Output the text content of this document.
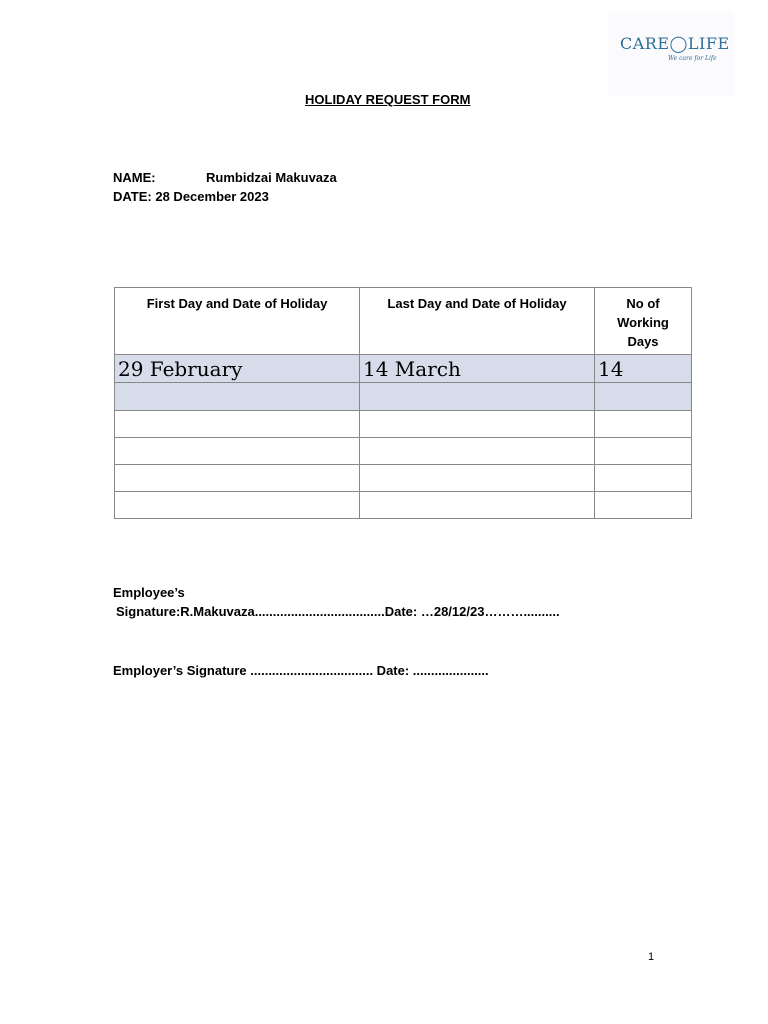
CARE◯LIFE
We care for Life
HOLIDAY REQUEST FORM
NAME:	Rumbidzai Makuvaza
DATE: 28 December 2023
First Day and Date of Holiday	Last Day and Date of Holiday	No of
Working
Days
29 February	14 March	14

Employee’s
Signature:R.Makuvaza....................................Date: …28/12/23………..........
Employer’s Signature .................................. Date: .....................
1
